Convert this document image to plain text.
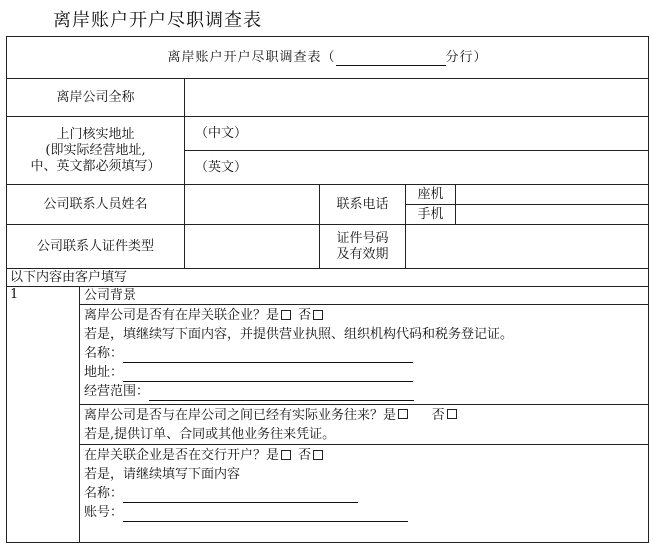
离岸账户开户尽职调查表
离岸账户开户尽职调查表（ 分行）					
离岸公司全称					

上门核实地址
(即实际经营地址,
中、英文都必须填写）		（中文）			
		（英文）			
公司联系人员姓名			联系电话	座机	
				手机	
公司联系人证件类型			证件号码
及有效期		

以下内容由客户填写					
1	公司背景				

	离岸公司是否有在岸关联企业？是 否
若是，填继续写下面内容，并提供营业执照、组织机构代码和税务登记证。
名称：
地址：
经营范围：				

	离岸公司是否与在岸公司之间已经有实际业务往来？是 否
若是,提供订单、合同或其他业务往来凭证。				

	在岸关联企业是否在交行开户？是 否
若是，请继续填写下面内容
名称：
账号：				
